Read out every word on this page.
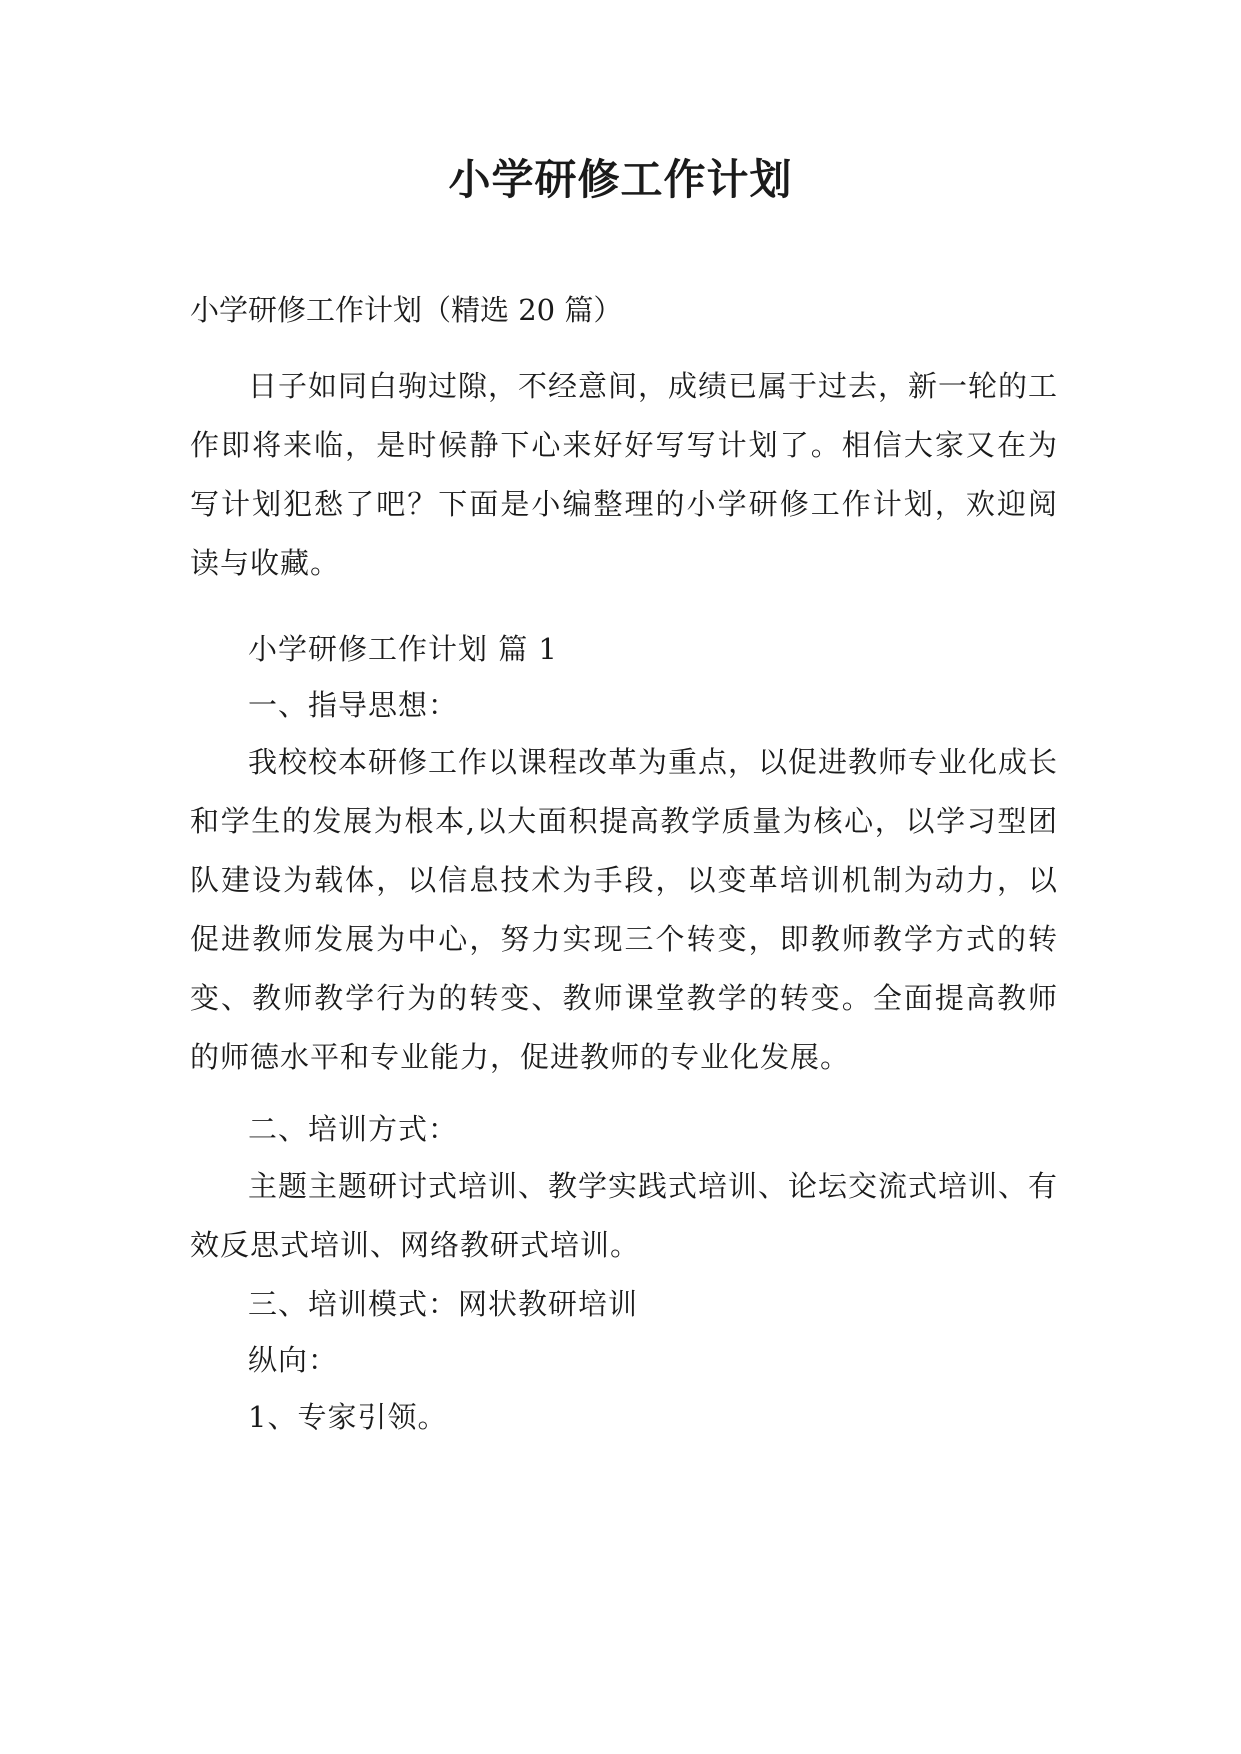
小学研修工作计划
小学研修工作计划（精选 20 篇）
日子如同白驹过隙，不经意间，成绩已属于过去，新一轮的工作即将来临，是时候静下心来好好写写计划了。相信大家又在为写计划犯愁了吧？下面是小编整理的小学研修工作计划，欢迎阅读与收藏。
小学研修工作计划 篇 1
一、指导思想：
我校校本研修工作以课程改革为重点，以促进教师专业化成长和学生的发展为根本,以大面积提高教学质量为核心，以学习型团队建设为载体，以信息技术为手段，以变革培训机制为动力，以促进教师发展为中心，努力实现三个转变，即教师教学方式的转变、教师教学行为的转变、教师课堂教学的转变。全面提高教师的师德水平和专业能力，促进教师的专业化发展。
二、培训方式：
主题主题研讨式培训、教学实践式培训、论坛交流式培训、有效反思式培训、网络教研式培训。
三、培训模式：网状教研培训
纵向：
1、专家引领。
